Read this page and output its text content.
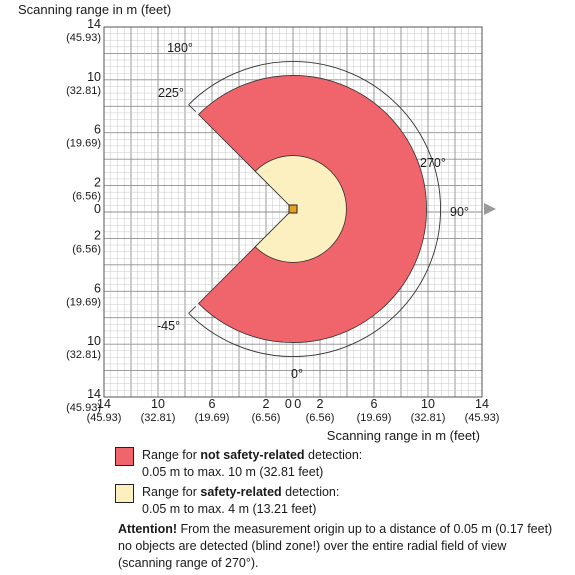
Scanning range in m (feet)
180°
225°
270°
90°
-45°
0°
Scanning range in m (feet)
14
(45.93)
10
(32.81)
6
(19.69)
2
(6.56)
0
2
(6.56)
6
(19.69)
10
(32.81)
14
(45.93)
14
(45.93)
10
(32.81)
6
(19.69)
2
(6.56)
0 0 2
(6.56)
6
(19.69)
10
(32.81)
14
(45.93)
Range for not safety-related detection:
0.05 m to max. 10 m (32.81 feet)
Range for safety-related detection:
0.05 m to max. 4 m (13.21 feet)
Attention! From the measurement origin up to a distance of 0.05 m (0.17 feet) no objects are detected (blind zone!) over the entire radial field of view (scanning range of 270°).
